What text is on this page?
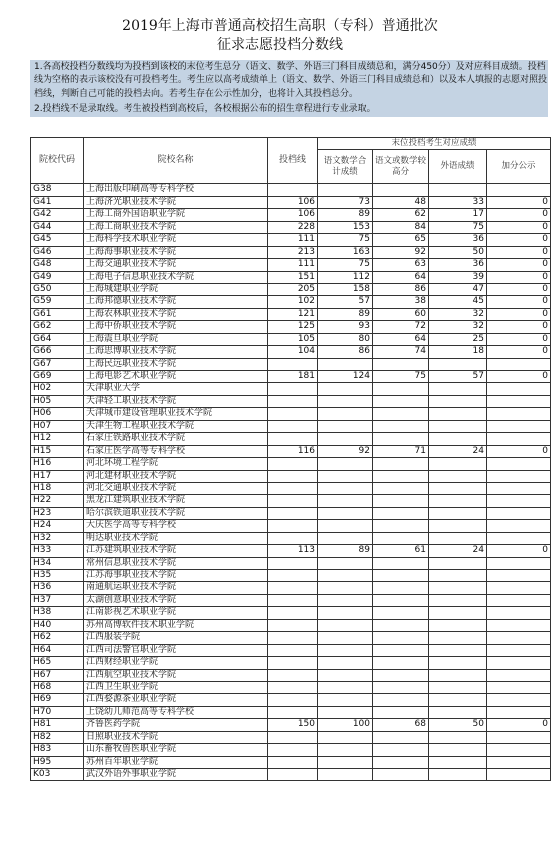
2019年上海市普通高校招生高职（专科）普通批次
征求志愿投档分数线

1.各高校投档分数线均为投档到该校的末位考生总分（语文、数学、外语三门科目成绩总和，满分450分）及对应科目成绩。投档线为空格的表示该校没有可投档考生。考生应以高考成绩单上（语文、数学、外语三门科目成绩总和）以及本人填报的志愿对照投档线，判断自己可能的投档去向。若考生存在公示性加分，也将计入其投档总分。

2.投档线不是录取线。考生被投档到高校后，各校根据公布的招生章程进行专业录取。

院校代码	院校名称	投档线	末位投档考生对应成绩			
			语文数学合计成绩	语文或数学较高分	外语成绩	加分公示
G38	上海出版印刷高等专科学校					
G41	上海济光职业技术学院	106	73	48	33	0
G42	上海工商外国语职业学院	106	89	62	17	0
G44	上海工商职业技术学院	228	153	84	75	0
G45	上海科学技术职业学院	111	75	65	36	0
G46	上海海事职业技术学院	213	163	92	50	0
G48	上海交通职业技术学院	111	75	63	36	0
G49	上海电子信息职业技术学院	151	112	64	39	0
G50	上海城建职业学院	205	158	86	47	0
G59	上海邦德职业技术学院	102	57	38	45	0
G61	上海农林职业技术学院	121	89	60	32	0
G62	上海中侨职业技术学院	125	93	72	32	0
G64	上海震旦职业学院	105	80	64	25	0
G66	上海思博职业技术学院	104	86	74	18	0
G67	上海民远职业技术学院					
G69	上海电影艺术职业学院	181	124	75	57	0
H02	天津职业大学					
H05	天津轻工职业技术学院					
H06	天津城市建设管理职业技术学院					
H07	天津生物工程职业技术学院					
H12	石家庄铁路职业技术学院					
H15	石家庄医学高等专科学校	116	92	71	24	0
H16	河北环境工程学院					
H17	河北建材职业技术学院					
H18	河北交通职业技术学院					
H22	黑龙江建筑职业技术学院					
H23	哈尔滨铁道职业技术学院					
H24	大庆医学高等专科学校					
H32	明达职业技术学院					
H33	江苏建筑职业技术学院	113	89	61	24	0
H34	常州信息职业技术学院					
H35	江苏海事职业技术学院					
H36	南通航运职业技术学院					
H37	太湖创意职业技术学院					
H38	江南影视艺术职业学院					
H40	苏州高博软件技术职业学院					
H62	江西服装学院					
H64	江西司法警官职业学院					
H65	江西财经职业学院					
H67	江西航空职业技术学院					
H68	江西卫生职业学院					
H69	江西婺源茶业职业学院					
H70	上饶幼儿师范高等专科学校					
H81	齐鲁医药学院	150	100	68	50	0
H82	日照职业技术学院					
H83	山东畜牧兽医职业学院					
H95	苏州百年职业学院					
K03	武汉外语外事职业学院					
